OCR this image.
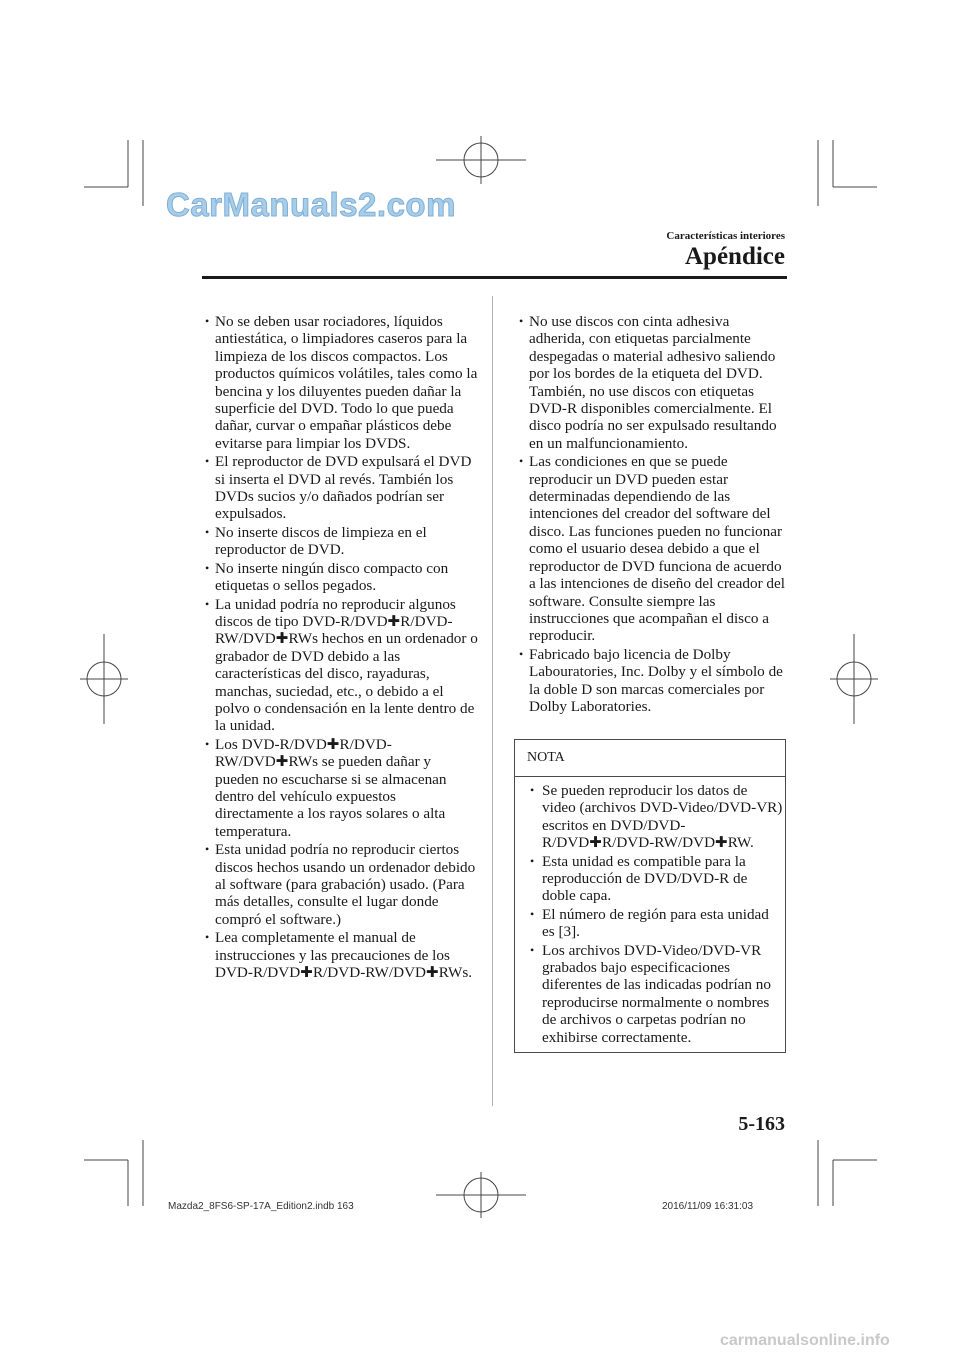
CarManuals2.com
Características interiores
Apéndice
• No se deben usar rociadores, líquidos antiestática, o limpiadores caseros para la limpieza de los discos compactos. Los productos químicos volátiles, tales como la bencina y los diluyentes pueden dañar la superficie del DVD. Todo lo que pueda dañar, curvar o empañar plásticos debe evitarse para limpiar los DVDS.
• El reproductor de DVD expulsará el DVD si inserta el DVD al revés. También los DVDs sucios y/o dañados podrían ser expulsados.
• No inserte discos de limpieza en el reproductor de DVD.
• No inserte ningún disco compacto con etiquetas o sellos pegados.
• La unidad podría no reproducir algunos discos de tipo DVD-R/DVD✚R/DVD-RW/DVD✚RWs hechos en un ordenador o grabador de DVD debido a las características del disco, rayaduras, manchas, suciedad, etc., o debido a el polvo o condensación en la lente dentro de la unidad.
• Los DVD-R/DVD✚R/DVD-RW/DVD✚RWs se pueden dañar y pueden no escucharse si se almacenan dentro del vehículo expuestos directamente a los rayos solares o alta temperatura.
• Esta unidad podría no reproducir ciertos discos hechos usando un ordenador debido al software (para grabación) usado. (Para más detalles, consulte el lugar donde compró el software.)
• Lea completamente el manual de instrucciones y las precauciones de los DVD-R/DVD✚R/DVD-RW/DVD✚RWs.
• No use discos con cinta adhesiva adherida, con etiquetas parcialmente despegadas o material adhesivo saliendo por los bordes de la etiqueta del DVD. También, no use discos con etiquetas DVD-R disponibles comercialmente. El disco podría no ser expulsado resultando en un malfuncionamiento.
• Las condiciones en que se puede reproducir un DVD pueden estar determinadas dependiendo de las intenciones del creador del software del disco. Las funciones pueden no funcionar como el usuario desea debido a que el reproductor de DVD funciona de acuerdo a las intenciones de diseño del creador del software. Consulte siempre las instrucciones que acompañan el disco a reproducir.
• Fabricado bajo licencia de Dolby Labouratories, Inc. Dolby y el símbolo de la doble D son marcas comerciales por Dolby Laboratories.
NOTA
• Se pueden reproducir los datos de video (archivos DVD-Video/DVD-VR) escritos en DVD/DVD-R/DVD✚R/DVD-RW/DVD✚RW.
• Esta unidad es compatible para la reproducción de DVD/DVD-R de doble capa.
• El número de región para esta unidad es [3].
• Los archivos DVD-Video/DVD-VR grabados bajo especificaciones diferentes de las indicadas podrían no reproducirse normalmente o nombres de archivos o carpetas podrían no exhibirse correctamente.
5-163
Mazda2_8FS6-SP-17A_Edition2.indb 163	2016/11/09 16:31:03
carmanualsonline.info
